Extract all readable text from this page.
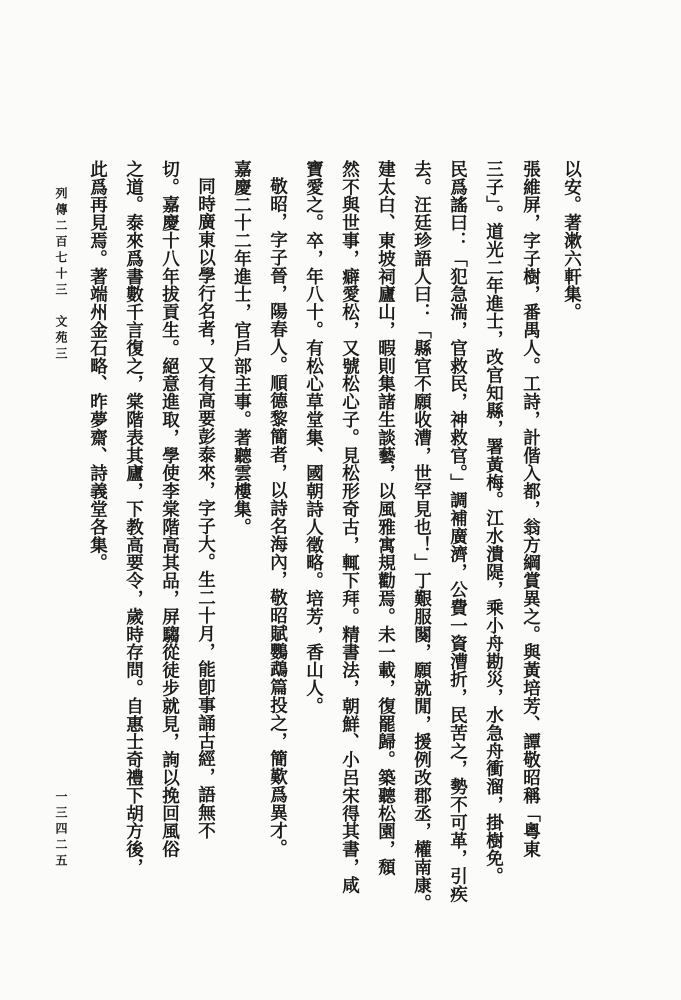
以安。著漱六軒集。
張維屏，字子樹，番禺人。工詩，計偕入都，翁方綱賞異之。與黃培芳、譚敬昭稱「粵東
三子」。道光二年進士，改官知縣，署黃梅。江水潰隄，乘小舟勘災，水急舟衝溜，掛樹免。
民爲謠曰：「犯急湍，官救民，神救官。」調補廣濟，公費一資漕折，民苦之，勢不可革，引疾
去。汪廷珍語人曰：「縣官不願收漕，世罕見也！」丁艱服闋，願就閒，援例改郡丞，權南康。
建太白、東坡祠廬山，暇則集諸生談藝，以風雅寓規勸焉。未一載，復罷歸。築聽松園，頹
然不與世事，癖愛松，又號松心子。見松形奇古，輒下拜。精書法，朝鮮、小呂宋得其書，咸
寶愛之。卒，年八十。有松心草堂集、國朝詩人徵略。培芳，香山人。
敬昭，字子晉，陽春人。順德黎簡者，以詩名海內，敬昭賦鸚鵡篇投之，簡歎爲異才。
嘉慶二十二年進士，官戶部主事。著聽雲樓集。
同時廣東以學行名者，又有高要彭泰來，字子大。生二十月，能卽事誦古經，語無不
切。嘉慶十八年拔貢生。絕意進取，學使李棠階高其品，屏騶從徒步就見，詢以挽回風俗
之道。泰來爲書數千言復之，棠階表其廬，下教高要令，歲時存問。自惠士奇禮下胡方後，
此爲再見焉。著端州金石略、昨夢齋、詩義堂各集。
列傳二百七十三　文苑三
一三四二五
